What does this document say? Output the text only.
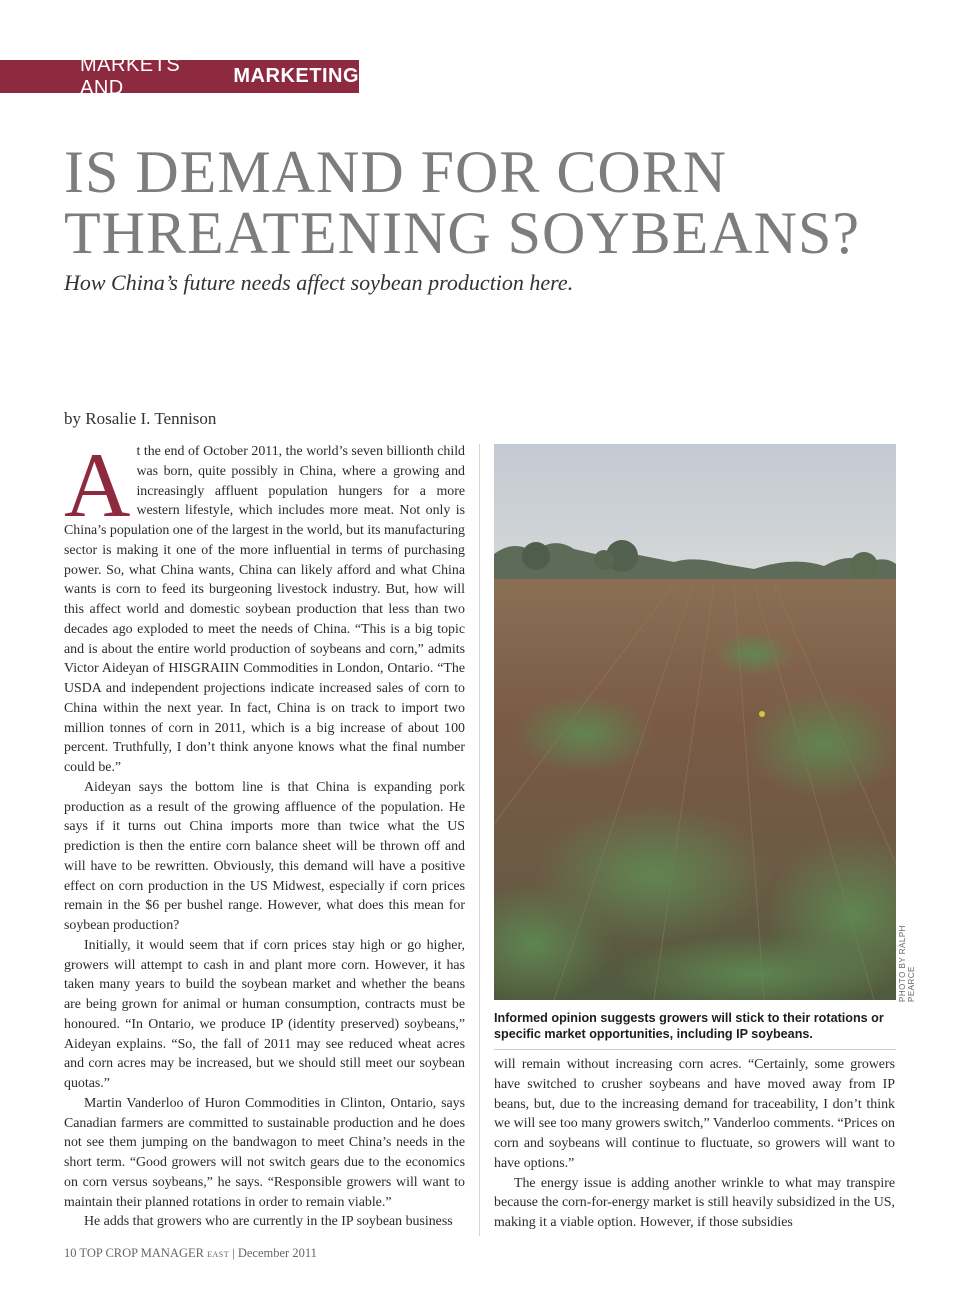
MARKETS AND
MARKETING
IS DEMAND FOR CORN
THREATENING SOYBEANS?
How China’s future needs affect soybean production here.
by Rosalie I. Tennison

At the end of October 2011, the world’s seven billionth child was born, quite possibly in China, where a growing and increasingly affluent population hungers for a more western lifestyle, which includes more meat. Not only is China’s population one of the largest in the world, but its manufacturing sector is making it one of the more influential in terms of purchasing power. So, what China wants, China can likely afford and what China wants is corn to feed its burgeoning livestock industry. But, how will this affect world and domestic soybean production that less than two decades ago exploded to meet the needs of China. “This is a big topic and is about the entire world production of soybeans and corn,” admits Victor Aideyan of HISGRAIIN Commodities in London, Ontario. “The USDA and independent projections indicate increased sales of corn to China within the next year. In fact, China is on track to import two million tonnes of corn in 2011, which is a big increase of about 100 percent. Truthfully, I don’t think anyone knows what the final number could be.”

Aideyan says the bottom line is that China is expanding pork production as a result of the growing affluence of the population. He says if it turns out China imports more than twice what the US prediction is then the entire corn balance sheet will be thrown off and will have to be rewritten. Obviously, this demand will have a positive effect on corn production in the US Midwest, especially if corn prices remain in the $6 per bushel range. However, what does this mean for soybean production?

Initially, it would seem that if corn prices stay high or go higher, growers will attempt to cash in and plant more corn. However, it has taken many years to build the soybean market and whether the beans are being grown for animal or human consumption, contracts must be honoured. “In Ontario, we produce IP (identity preserved) soybeans,” Aideyan explains. “So, the fall of 2011 may see reduced wheat acres and corn acres may be increased, but we should still meet our soybean quotas.”

Martin Vanderloo of Huron Commodities in Clinton, Ontario, says Canadian farmers are committed to sustainable production and he does not see them jumping on the bandwagon to meet China’s needs in the short term. “Good growers will not switch gears due to the economics on corn versus soybeans,” he says. “Responsible growers will want to maintain their planned rotations in order to remain viable.”

He adds that growers who are currently in the IP soybean business

PHOTO BY RALPH PEARCE
Informed opinion suggests growers will stick to their rotations or specific market opportunities, including IP soybeans.

will remain without increasing corn acres. “Certainly, some growers have switched to crusher soybeans and have moved away from IP beans, but, due to the increasing demand for traceability, I don’t think we will see too many growers switch,” Vanderloo comments. “Prices on corn and soybeans will continue to fluctuate, so growers will want to have options.”

The energy issue is adding another wrinkle to what may transpire because the corn-for-energy market is still heavily subsidized in the US, making it a viable option. However, if those subsidies

10 TOP CROP MANAGER EAST | December 2011
